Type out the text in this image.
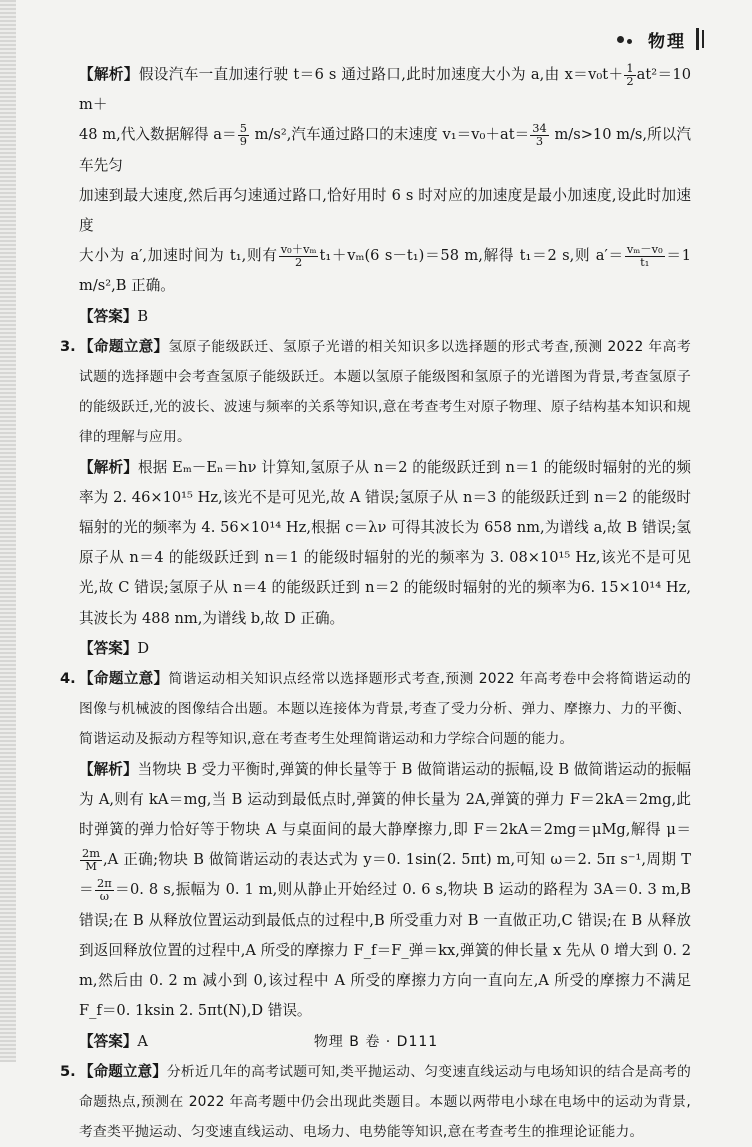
物理

【解析】假设汽车一直加速行驶 t＝6 s 通过路口,此时加速度大小为 a,由 $x=v_0t+ \frac{1}{2} at^2=10$ m＋
48 m,代入数据解得 $a= \frac{5}{9} m/s^2$,汽车通过路口的末速度 $v_1=v_0+at= \frac{34}{3} m/s>10$ m/s,所以汽车先匀
加速到最大速度,然后再匀速通过路口,恰好用时 6 s 时对应的加速度是最小加速度,设此时加速度
大小为 a′,加速时间为 t₁,则有 $\frac{\text{v₀＋vₘ}}{2} t_1+v_m(6$ s－t₁)＝58 m,解得 t₁＝2 s,则 $a'= \frac{\text{vₘ－v₀}}{\text{t₁}} =1$ m/s²,B 正确。

【答案】B

3. 【命题立意】氢原子能级跃迁、氢原子光谱的相关知识多以选择题的形式考查,预测 2022 年高考试题的选择题中会考查氢原子能级跃迁。本题以氢原子能级图和氢原子的光谱图为背景,考查氢原子的能级跃迁,光的波长、波速与频率的关系等知识,意在考查考生对原子物理、原子结构基本知识和规律的理解与应用。

【解析】根据 Eₘ－Eₙ＝hν 计算知,氢原子从 n＝2 的能级跃迁到 n＝1 的能级时辐射的光的频率为 2. 46×10¹⁵ Hz,该光不是可见光,故 A 错误;氢原子从 n＝3 的能级跃迁到 n＝2 的能级时辐射的光的频率为 4. 56×10¹⁴ Hz,根据 c＝λν 可得其波长为 658 nm,为谱线 a,故 B 错误;氢原子从 n＝4 的能级跃迁到 n＝1 的能级时辐射的光的频率为 3. 08×10¹⁵ Hz,该光不是可见光,故 C 错误;氢原子从 n＝4 的能级跃迁到 n＝2 的能级时辐射的光的频率为6. 15×10¹⁴ Hz,其波长为 488 nm,为谱线 b,故 D 正确。

【答案】D

4. 【命题立意】简谐运动相关知识点经常以选择题形式考查,预测 2022 年高考卷中会将简谐运动的图像与机械波的图像结合出题。本题以连接体为背景,考查了受力分析、弹力、摩擦力、力的平衡、简谐运动及振动方程等知识,意在考查考生处理简谐运动和力学综合问题的能力。

【解析】当物块 B 受力平衡时,弹簧的伸长量等于 B 做简谐运动的振幅,设 B 做简谐运动的振幅为 A,则有 kA＝mg,当 B 运动到最低点时,弹簧的伸长量为 2A,弹簧的弹力 F＝2kA＝2mg,此时弹簧的弹力恰好等于物块 A 与桌面间的最大静摩擦力,即 F＝2kA＝2mg＝μMg,解得 μ＝
$\frac{2m}{M} ,A$ 正确;物块 B 做简谐运动的表达式为 y＝0. 1sin(2. 5πt) m,可知 ω＝2. 5π s⁻¹,周期 $T= \frac{2\pi}{\omega} =0$. 8 s,振幅为 0. 1 m,则从静止开始经过 0. 6 s,物块 B 运动的路程为 3A＝0. 3 m,B 错误;在 B 从释放位置运动到最低点的过程中,B 所受重力对 B 一直做正功,C 错误;在 B 从释放到返回释放位置的过程中,A 所受的摩擦力 F_f＝F_弹＝kx,弹簧的伸长量 x 先从 0 增大到 0. 2 m,然后由 0. 2 m 减小到 0,该过程中 A 所受的摩擦力方向一直向左,A 所受的摩擦力不满足 F_f＝0. 1ksin 2. 5πt(N),D 错误。

【答案】A

5. 【命题立意】分析近几年的高考试题可知,类平抛运动、匀变速直线运动与电场知识的结合是高考的命题热点,预测在 2022 年高考题中仍会出现此类题目。本题以两带电小球在电场中的运动为背景,考查类平抛运动、匀变速直线运动、电场力、电势能等知识,意在考查考生的推理论证能力。

物理 B 卷 · D111
